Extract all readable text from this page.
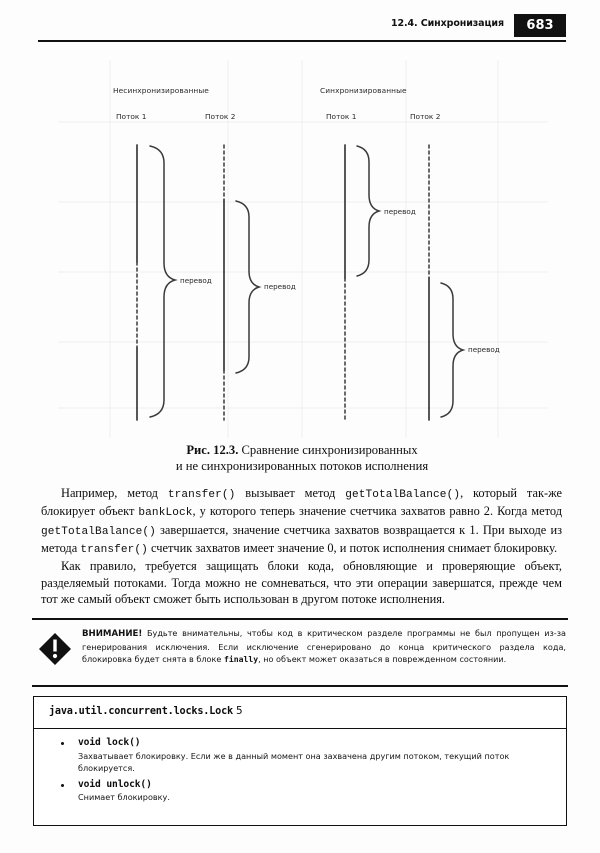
12.4. Синхронизация	683
Несинхронизированные	Синхронизированные
Поток 1	Поток 2	Поток 1	Поток 2
перевод
перевод
перевод
перевод
Рис. 12.3. Сравнение синхронизированных
и не синхронизированных потоков исполнения

Например, метод transfer() вызывает метод getTotalBalance(), который так-же блокирует объект bankLock, у которого теперь значение счетчика захватов равно 2. Когда метод getTotalBalance() завершается, значение счетчика захватов возвращается к 1. При выходе из метода transfer() счетчик захватов имеет значение 0, и поток исполнения снимает блокировку.

Как правило, требуется защищать блоки кода, обновляющие и проверяющие объект, разделяемый потоками. Тогда можно не сомневаться, что эти операции завершатся, прежде чем тот же самый объект сможет быть использован в другом потоке исполнения.

ВНИМАНИЕ! Будьте внимательны, чтобы код в критическом разделе программы не был пропущен из-за генерирования исключения. Если исключение сгенерировано до конца критического раздела кода, блокировка будет снята в блоке finally, но объект может оказаться в поврежденном состоянии.
java.util.concurrent.locks.Lock 5
void lock()
Захватывает блокировку. Если же в данный момент она захвачена другим потоком, текущий поток блокируется.
void unlock()
Снимает блокировку.
